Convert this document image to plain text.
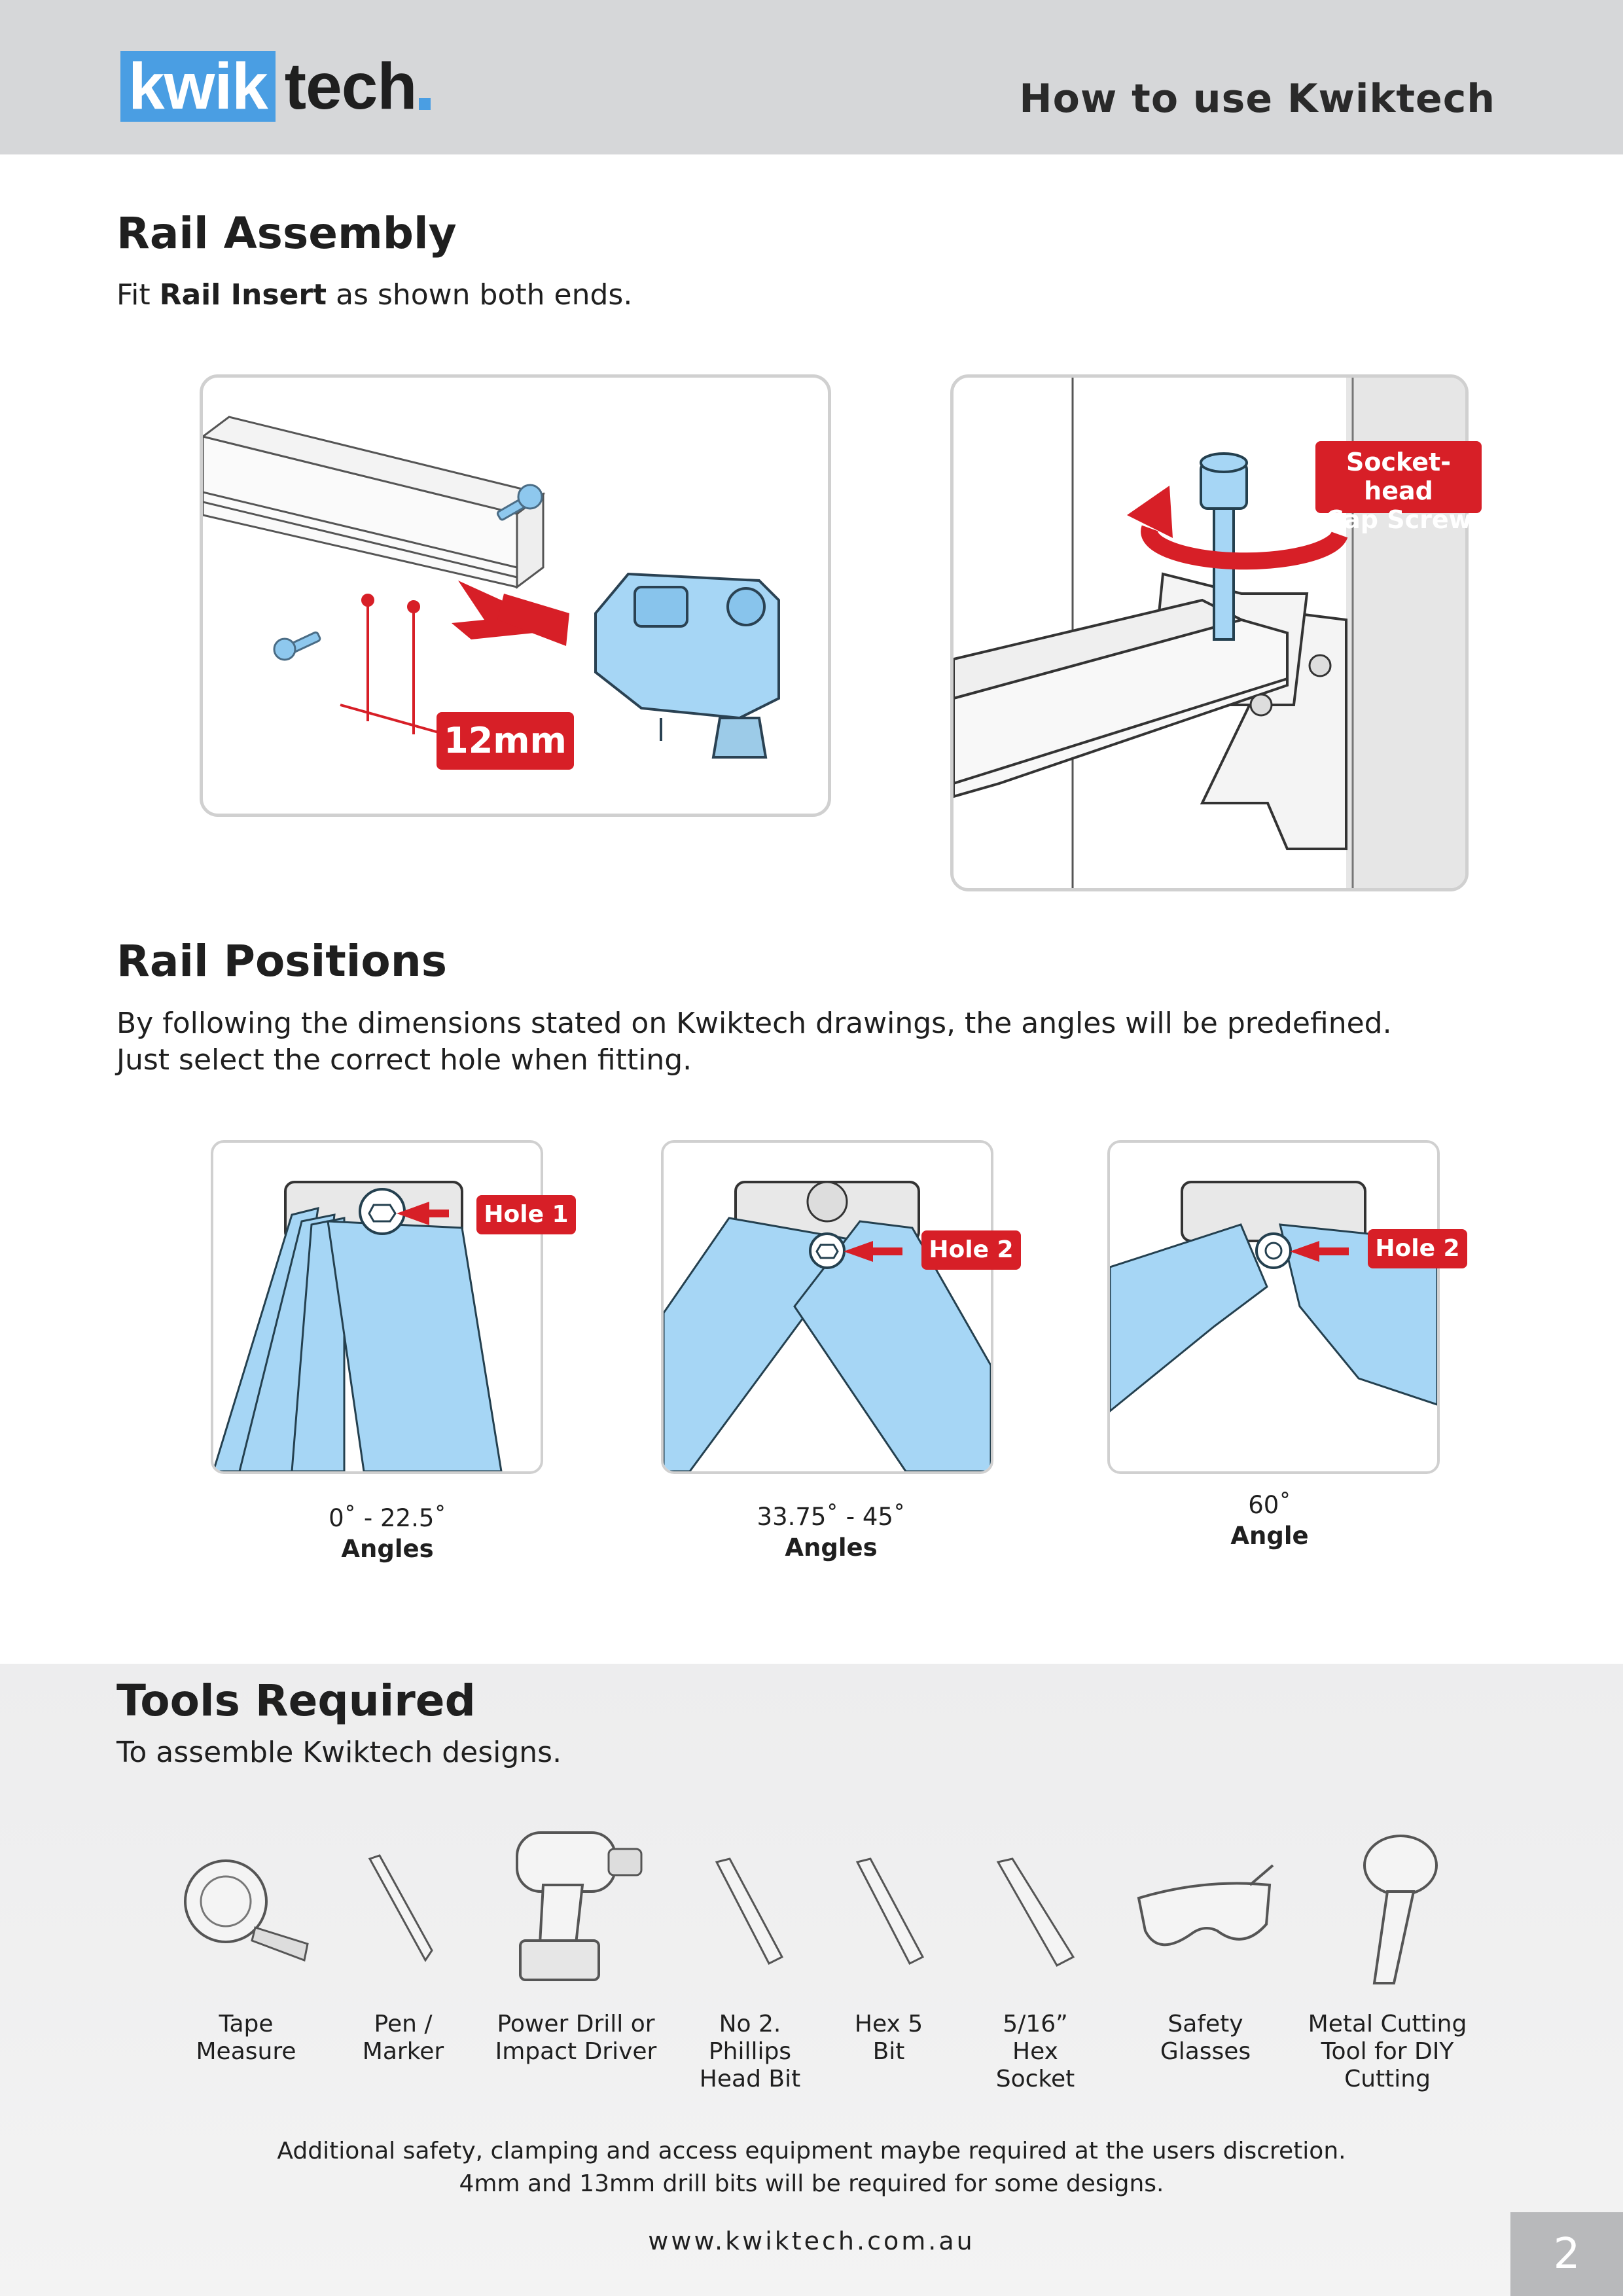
kwik tech	How to use Kwiktech
Rail Assembly
Fit Rail Insert as shown both ends.
12mm
Socket-head
Cap Screw
Rail Positions
By following the dimensions stated on Kwiktech drawings, the angles will be predefined.
Just select the correct hole when fitting.
Hole 1
0˚ - 22.5˚
Angles
Hole 2
33.75˚ - 45˚
Angles
Hole 2
60˚
Angle
Tools Required
To assemble Kwiktech designs.
Tape
Measure
Pen /
Marker
Power Drill or
Impact Driver
No 2.
Phillips
Head Bit
Hex 5
Bit
5/16”
Hex
Socket
Safety
Glasses
Metal Cutting
Tool for DIY
Cutting
Additional safety, clamping and access equipment maybe required at the users discretion.
4mm and 13mm drill bits will be required for some designs.
www.kwiktech.com.au	2
